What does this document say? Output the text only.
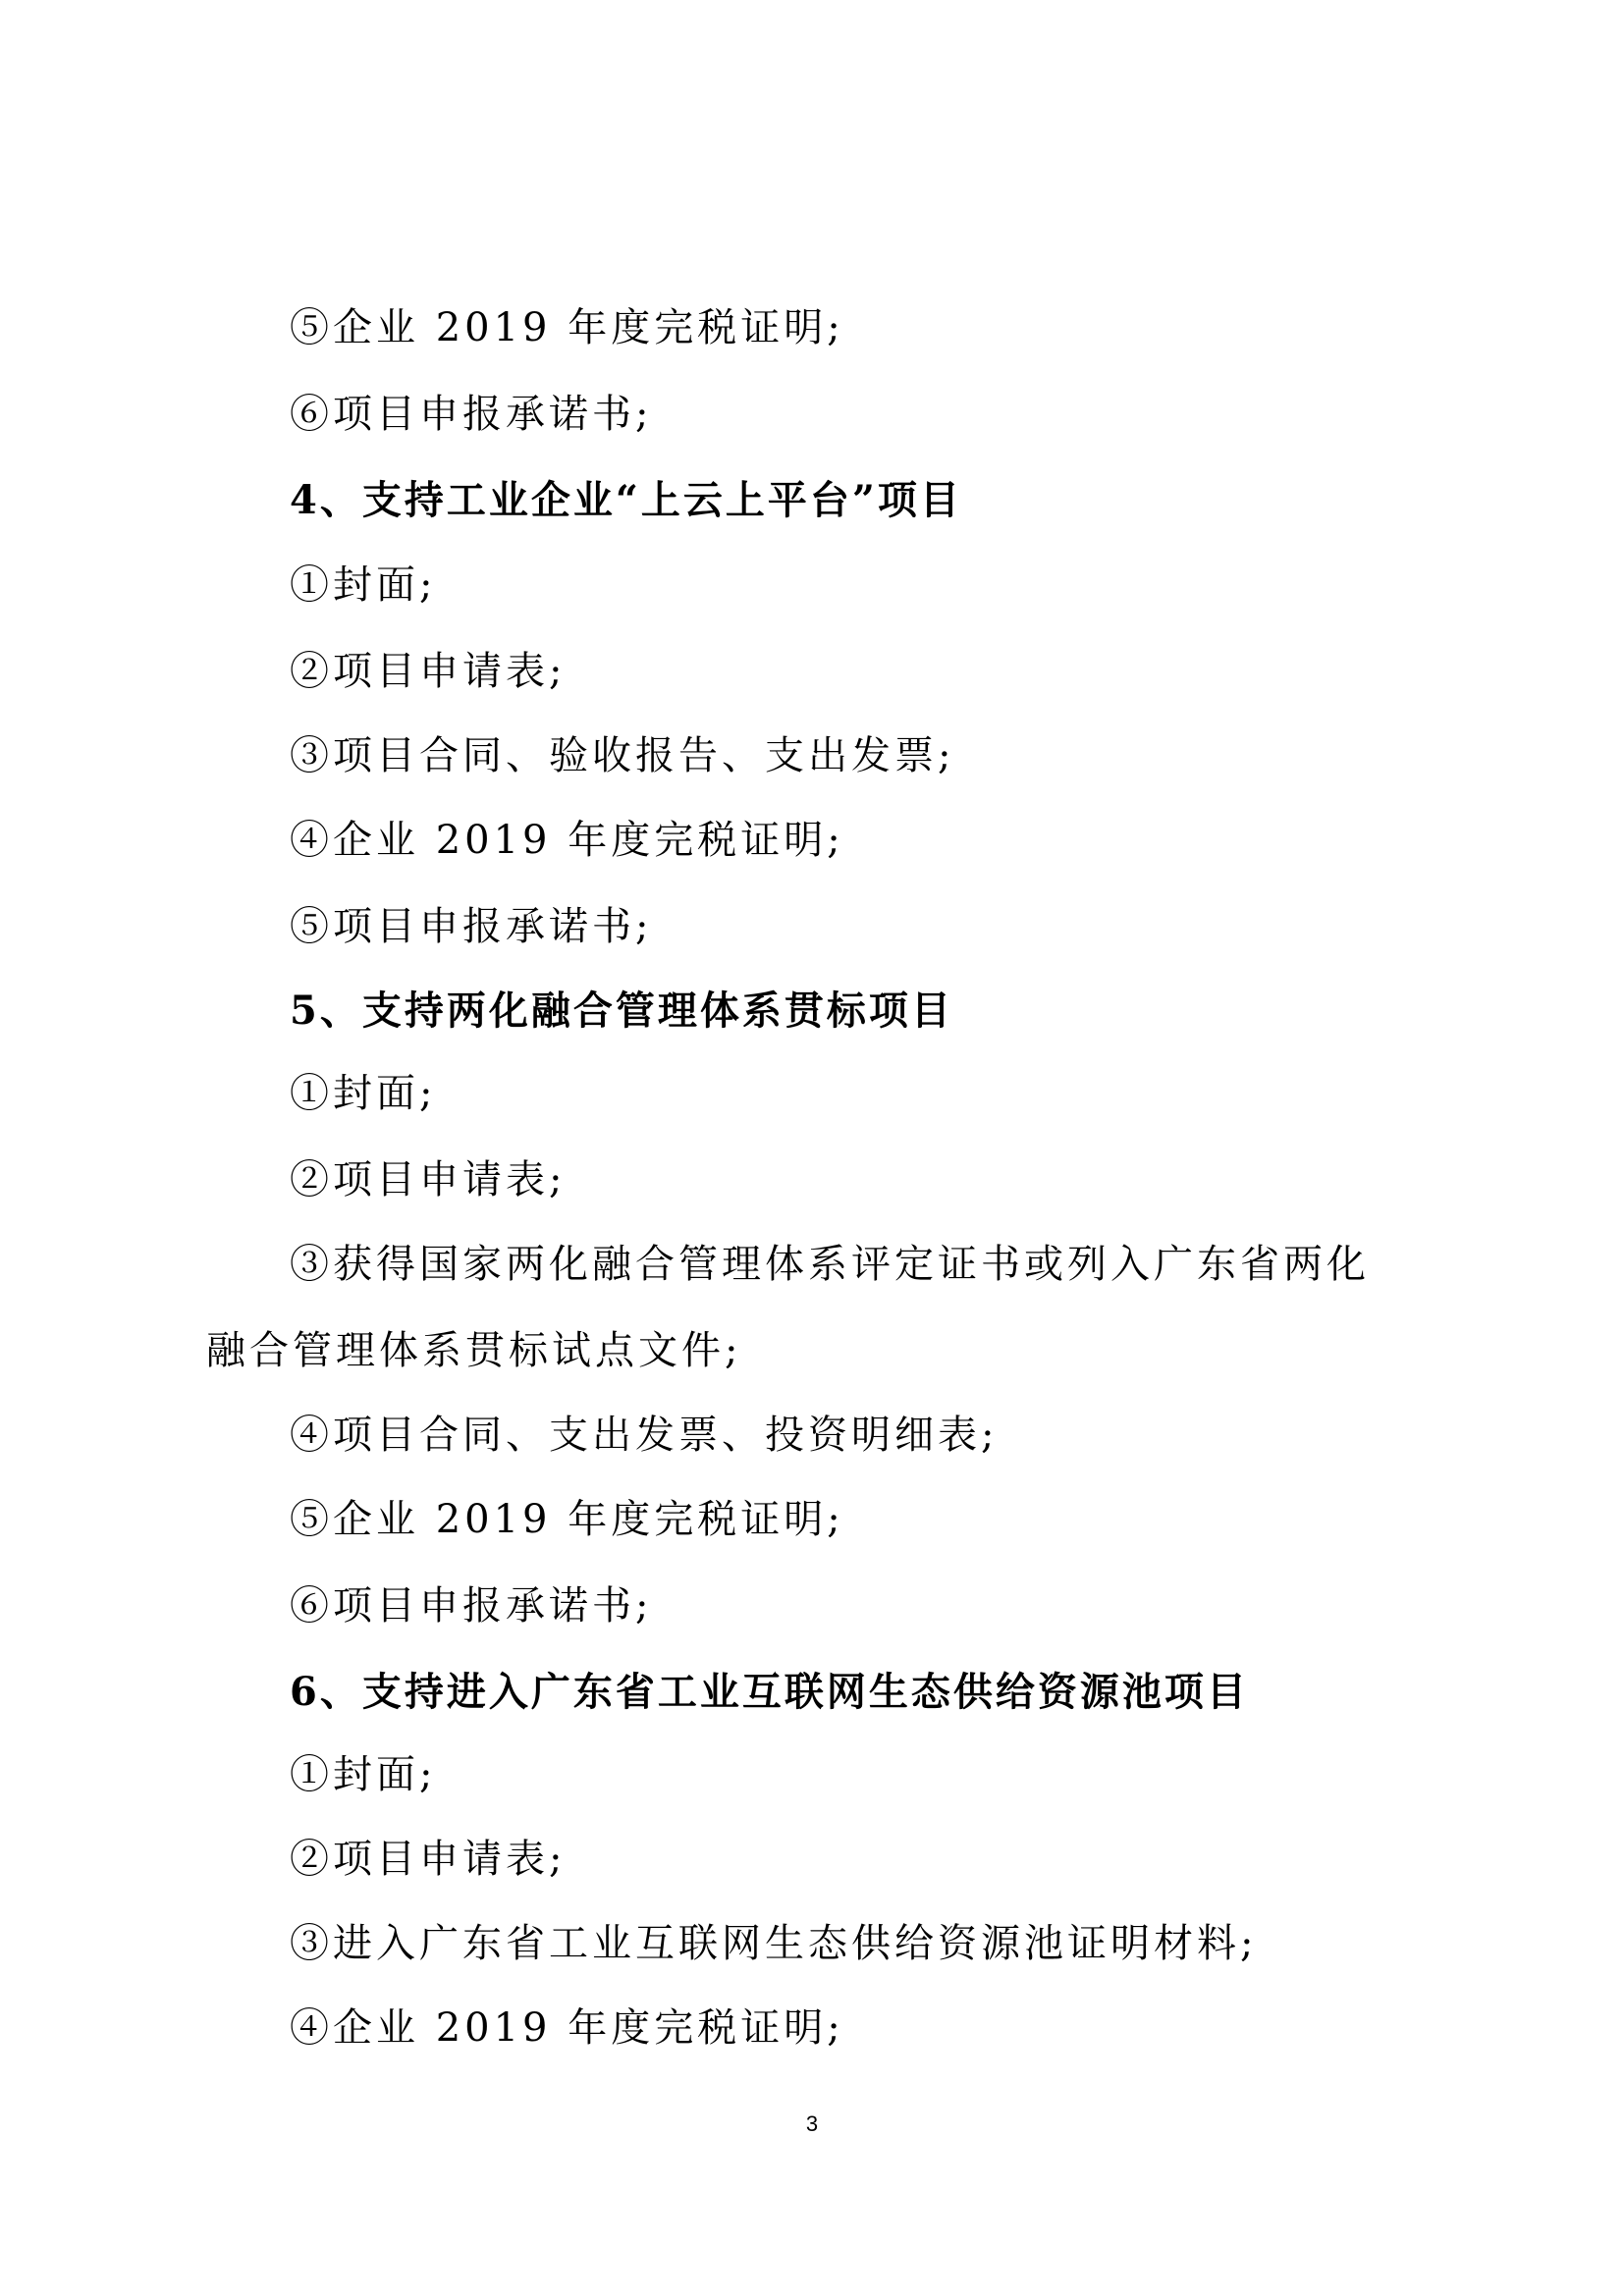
⑤企业 2019 年度完税证明;
⑥项目申报承诺书;
4、支持工业企业“上云上平台”项目
①封面;
②项目申请表;
③项目合同、验收报告、支出发票;
④企业 2019 年度完税证明;
⑤项目申报承诺书;
5、支持两化融合管理体系贯标项目
①封面;
②项目申请表;
③获得国家两化融合管理体系评定证书或列入广东省两化
融合管理体系贯标试点文件;
④项目合同、支出发票、投资明细表;
⑤企业 2019 年度完税证明;
⑥项目申报承诺书;
6、支持进入广东省工业互联网生态供给资源池项目
①封面;
②项目申请表;
③进入广东省工业互联网生态供给资源池证明材料;
④企业 2019 年度完税证明;
3
